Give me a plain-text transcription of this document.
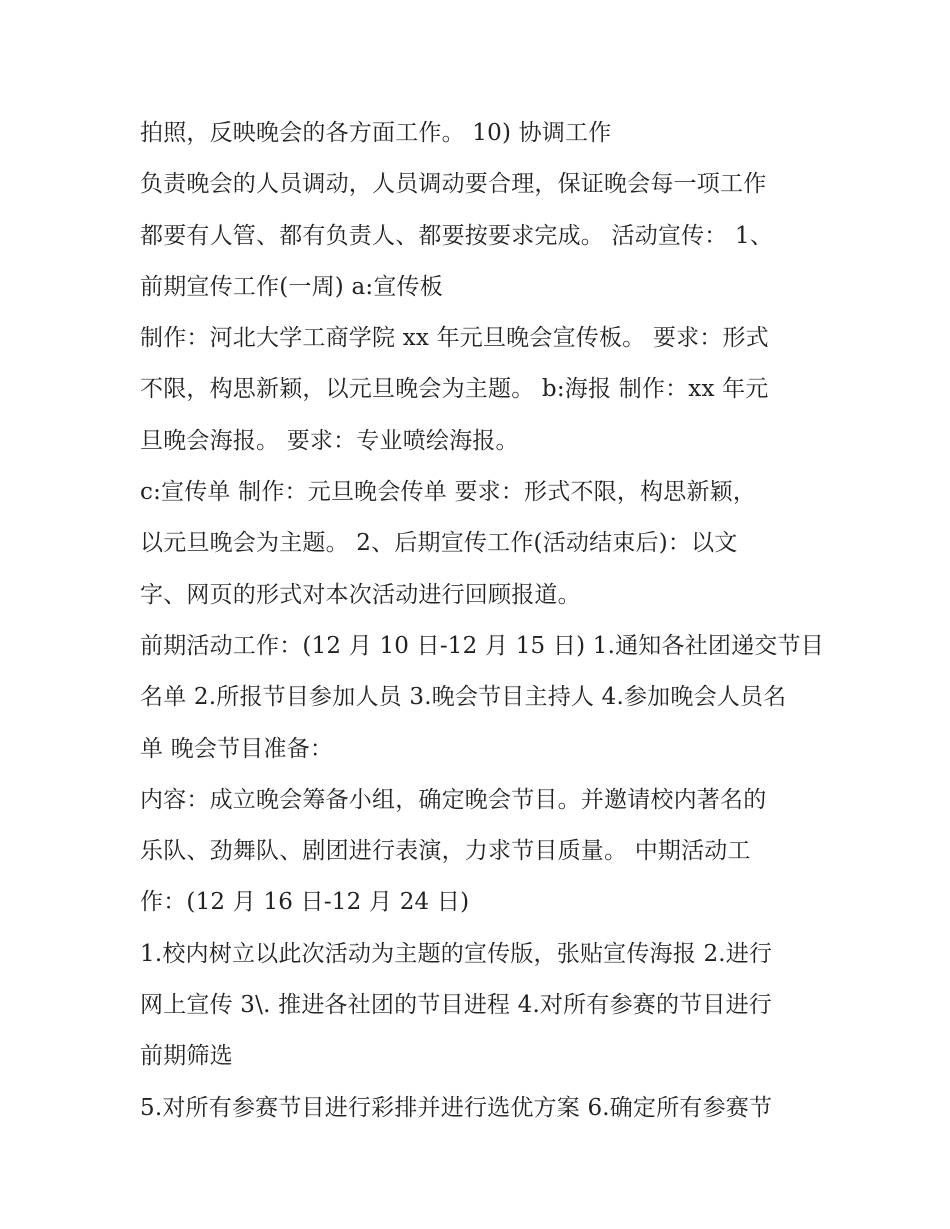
拍照，反映晚会的各方面工作。 10) 协调工作
负责晚会的人员调动，人员调动要合理，保证晚会每一项工作
都要有人管、都有负责人、都要按要求完成。 活动宣传： 1、
前期宣传工作(一周) a:宣传板
制作：河北大学工商学院 xx 年元旦晚会宣传板。 要求：形式
不限，构思新颖，以元旦晚会为主题。 b:海报 制作：xx 年元
旦晚会海报。 要求：专业喷绘海报。
c:宣传单 制作：元旦晚会传单 要求：形式不限，构思新颖，
以元旦晚会为主题。 2、后期宣传工作(活动结束后)：以文
字、网页的形式对本次活动进行回顾报道。
前期活动工作：(12 月 10 日-12 月 15 日) 1.通知各社团递交节目
名单 2.所报节目参加人员 3.晚会节目主持人 4.参加晚会人员名
单 晚会节目准备：
内容：成立晚会筹备小组，确定晚会节目。并邀请校内著名的
乐队、劲舞队、剧团进行表演，力求节目质量。 中期活动工
作：(12 月 16 日-12 月 24 日)
1.校内树立以此次活动为主题的宣传版，张贴宣传海报 2.进行
网上宣传 3\. 推进各社团的节目进程 4.对所有参赛的节目进行
前期筛选
5.对所有参赛节目进行彩排并进行选优方案 6.确定所有参赛节
